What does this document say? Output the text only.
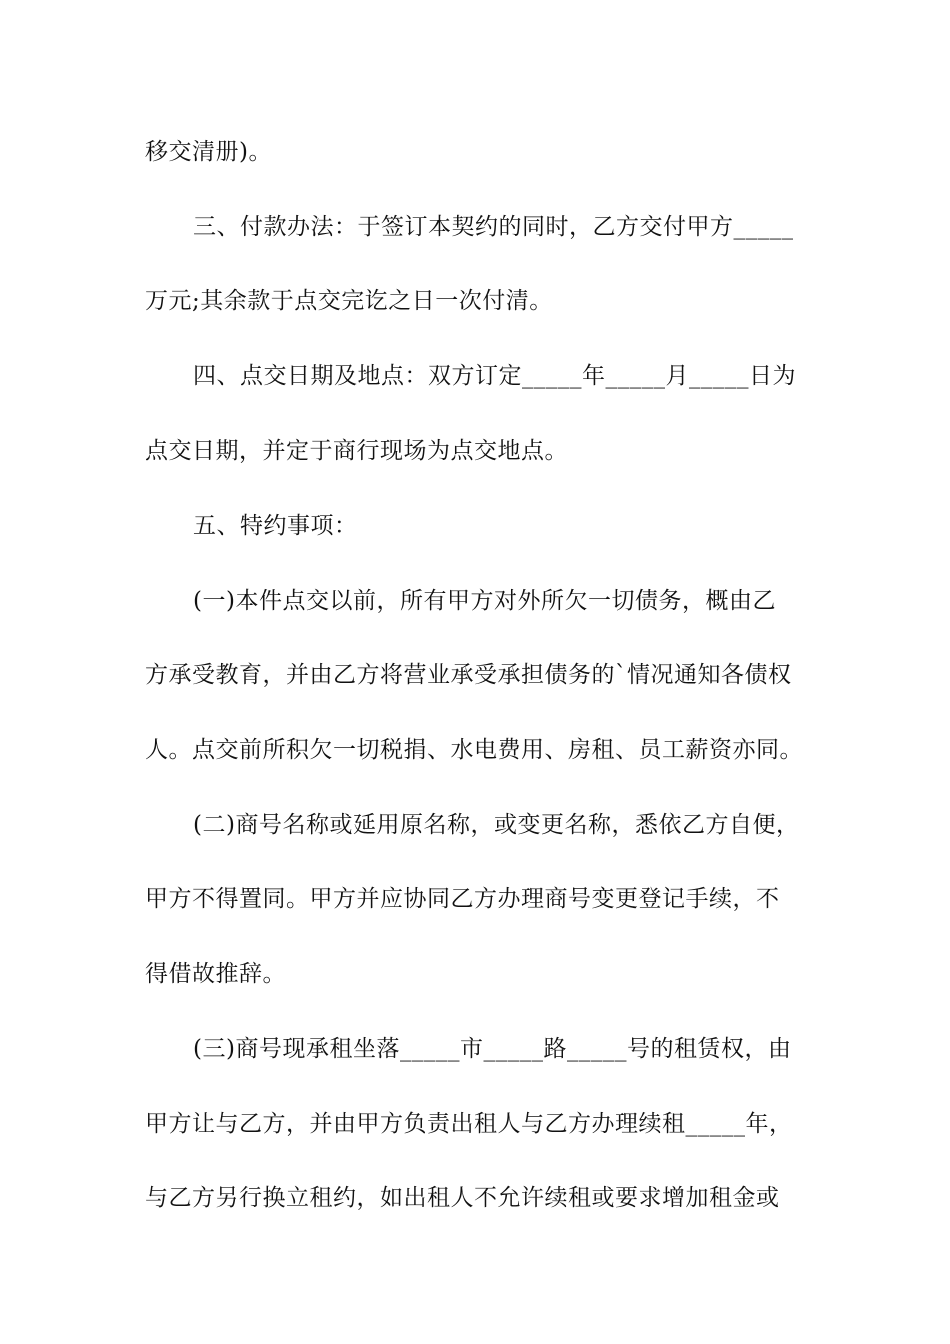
移交清册)。
三、付款办法：于签订本契约的同时，乙方交付甲方_____
万元;其余款于点交完讫之日一次付清。
四、点交日期及地点：双方订定_____年_____月_____日为
点交日期，并定于商行现场为点交地点。
五、特约事项：
(一)本件点交以前，所有甲方对外所欠一切债务，概由乙
方承受教育，并由乙方将营业承受承担债务的`情况通知各债权
人。点交前所积欠一切税捐、水电费用、房租、员工薪资亦同。
(二)商号名称或延用原名称，或变更名称，悉依乙方自便，
甲方不得置同。甲方并应协同乙方办理商号变更登记手续，不
得借故推辞。
(三)商号现承租坐落_____市_____路_____号的租赁权，由
甲方让与乙方，并由甲方负责出租人与乙方办理续租_____年，
与乙方另行换立租约，如出租人不允许续租或要求增加租金或
